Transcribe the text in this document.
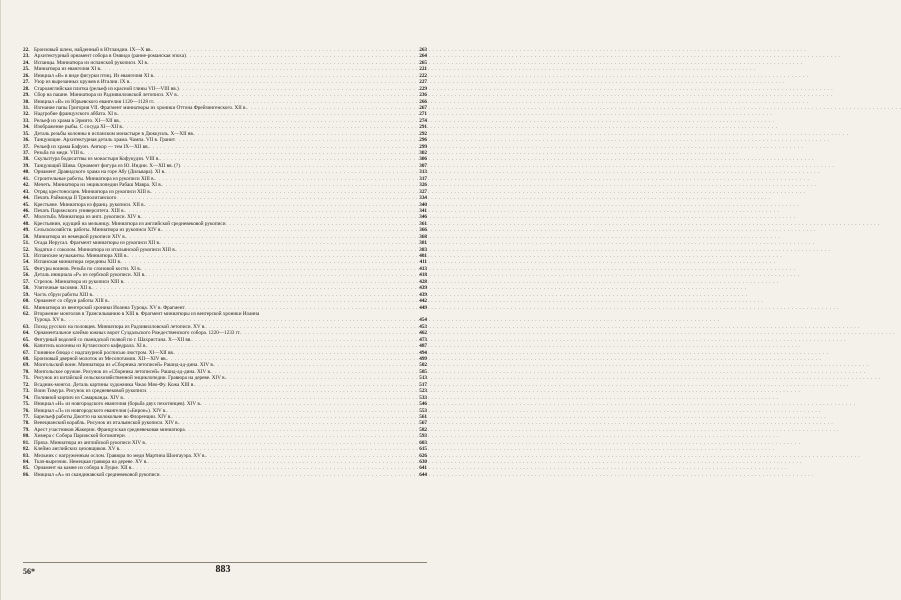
22. Бронзовый шлем, найденный в Ютландии. IX—X вв. . . .	263
23. Архитектурный орнамент собора в Омвидо (ранне-романская эпоха) . . .	264
24. Испанцы. Миниатюра из испанской рукописи. XI в. . . .	265
25. Миниатюра из евангелия XI в. . . .	221
26. Инициал «В» в виде фигурки птиц. Из евангелия XI в. . . .	222
27. Узор из вырезанных кружев в Италии. IX в. . . .	227
28. Староанглийская плитка (рельеф из красной глины VII—VIII вв.) . . .	229
29. Сбор на пашне. Миниатюра из Радзивилловской летописи. XV в. . . .	236
30. Инициал «В» из Юрьевского евангелия 1120—1128 гг. . . .	266
31. Изгнание папы Григория VII. Фрагмент миниатюры из хроники Оттона Фрейзингенского. XII в. . . .	267
32. Надгробие французского аббата. XI в. . . .	271
33. Рельеф из храма в Эрмито. XI—XII вв. . . .	274
34. Изображение рыбы. С сосуда XI—XII в. . . .	291
35. Деталь резьбы колонны в испанском монастыре в Дюккуиль. X—XII вв. . . .	292
36. Танцующие. Архитектурная деталь храма. Чампа. VII в. Гранит . . .	296
37. Рельеф из храма Бафуон. Ангкор — тем IX—XII вв. . . .	299
37. Резьба по меди. VIII в. . . .	302
38. Скульптура бодисаттвы из монастыря Кофукудзи. VIII в. . . .	306
39. Танцующий Шива. Орнамент фигура из Ю. Индии. X—XII вв. (?) . . .	307
40. Орнамент Дравидского храма на горе Абу (Дильвара). XI в. . . .	313
41. Строительные работы. Миниатюра из рукописи XIII в. . . .	317
42. Мечеть. Миниатюра из энциклопедии Рабаш Мавра. XI в. . . .	326
43. Отряд крестоносцев. Миниатюра из рукописи XIII в. . . .	327
44. Печать Раймонда II Триполитанского . . .	334
45. Крестьяне. Миниатюра из франц. рукописи. XII в. . . .	340
46. Печать Парижского университета. XIII в. . . .	341
47. Молотьба. Миниатюра из англ. рукописи. XIV в. . . .	346
48. Крестьянин, идущий на мельницу. Миниатюра из английской средневековой рукописи . . .	361
49. Сельскохозяйств. работы. Миниатюра из рукописи XIV в. . . .	366
50. Миниатюра из немецкой рукописи XIV в. . . .	368
51. Осада Иерусал. Фрагмент миниатюры из рукописи XII в. . . .	381
52. Ходатки с соколом. Миниатюра из итальянской рукописи XIII в. . . .	383
53. Испанские музыканты. Миниатюра XIII в. . . .	401
54. Испанская миниатюра середины XIII в. . . .	411
55. Фигуры воинов. Резьба по слоновой кости. XI в. . . .	413
56. Деталь инициала «Р» из сербской рукописи. XII в. . . .	418
57. Стрелок. Миниатюра из рукописи XIII в. . . .	428
58. Улиточные часовни. XII в. . . .	439
59. Часть сбруи работы XIII в. . . .	439
60. Орнамент со сбруи работы XIII в. . . .	442
61. Миниатюра из венгерской хроники Иоанна Туроца. XV в. Фрагмент . . .	449
62. Вторжение монголов в Трансильванию в XIII в. Фрагмент миниатюры из венгерской хроники Иоанна
Туроца. XV в. . . .	454
63. Поход русских на половцев. Миниатюра из Радзивилловской летописи. XV в. . . .	453
64. Орнаментальное клеймо южных ворот Суздальского Рождественского собора. 1220—1233 гг. . . .	462
65. Фигурный водолей со сванидской полвой по г. Шахристана. X—XII вв. . . .	473
66. Капитель колонны из Кутаисского кафедрала. XI в. . . .	487
67. Глиняное блюдо с надгазурной росписью люстром. XI—XII вв. . . .	494
68. Бронзовый дверной молоток из Месопотамии. XII—XIV вв. . . .	499
69. Монгольский воин. Миниатюра из «Сборника летописей» Рашид-ад-дина. XIV в. . . .	502
70. Монгольское оружие. Рисунок из «Сборника летописей» Рашид-ад-дина. XIV в. . . .	505
71. Рисунок из китайской сельскохозяйственной энциклопедии. Гравюра на дереве. XIV в. . . .	513
72. Всадник-монгол. Деталь картины художника Чжао Мяо-Фу. Кожа XIII в. . . .	517
73. Воин Тимура. Рисунок из средневековой рукописи . . .	523
74. Поливной кирпич из Самарканда. XIV в. . . .	533
75. Инициал «Н» из новгородского евангелия (борьба двух пехотинцев). XIV в. . . .	546
76. Инициал «Л» из новгородского евангелия («Бирон»). XIV в. . . .	553
77. Барельеф работы Джотто на колокольне во Флоренции. XIV в. . . .	561
78. Венецианский корабль. Рисунок из итальянской рукописи. XIV в. . . .	567
79. Арест участников Жакерии. Французская средневековая миниатюра . . .	582
80. Химера с Собора Парижской богоматери . . .	593
81. Пряха. Миниатюра из английской рукописи XIV в. . . .	603
82. Клеймо английских цеховщиков. XV в. . . .	615
83. Мельник с нагруженным ослом. Гравюра по меди Мартина Шонгауэра. XV в. . . .	626
84. Ткач-вырезчик. Немецкая гравюра на дереве. XV в. . . .	630
85. Орнамент на камне из собора в Луцке. XII в. . . .	641
86. Инициал «А» из скандинавской средневековой рукописи . . .	644
56*	883
